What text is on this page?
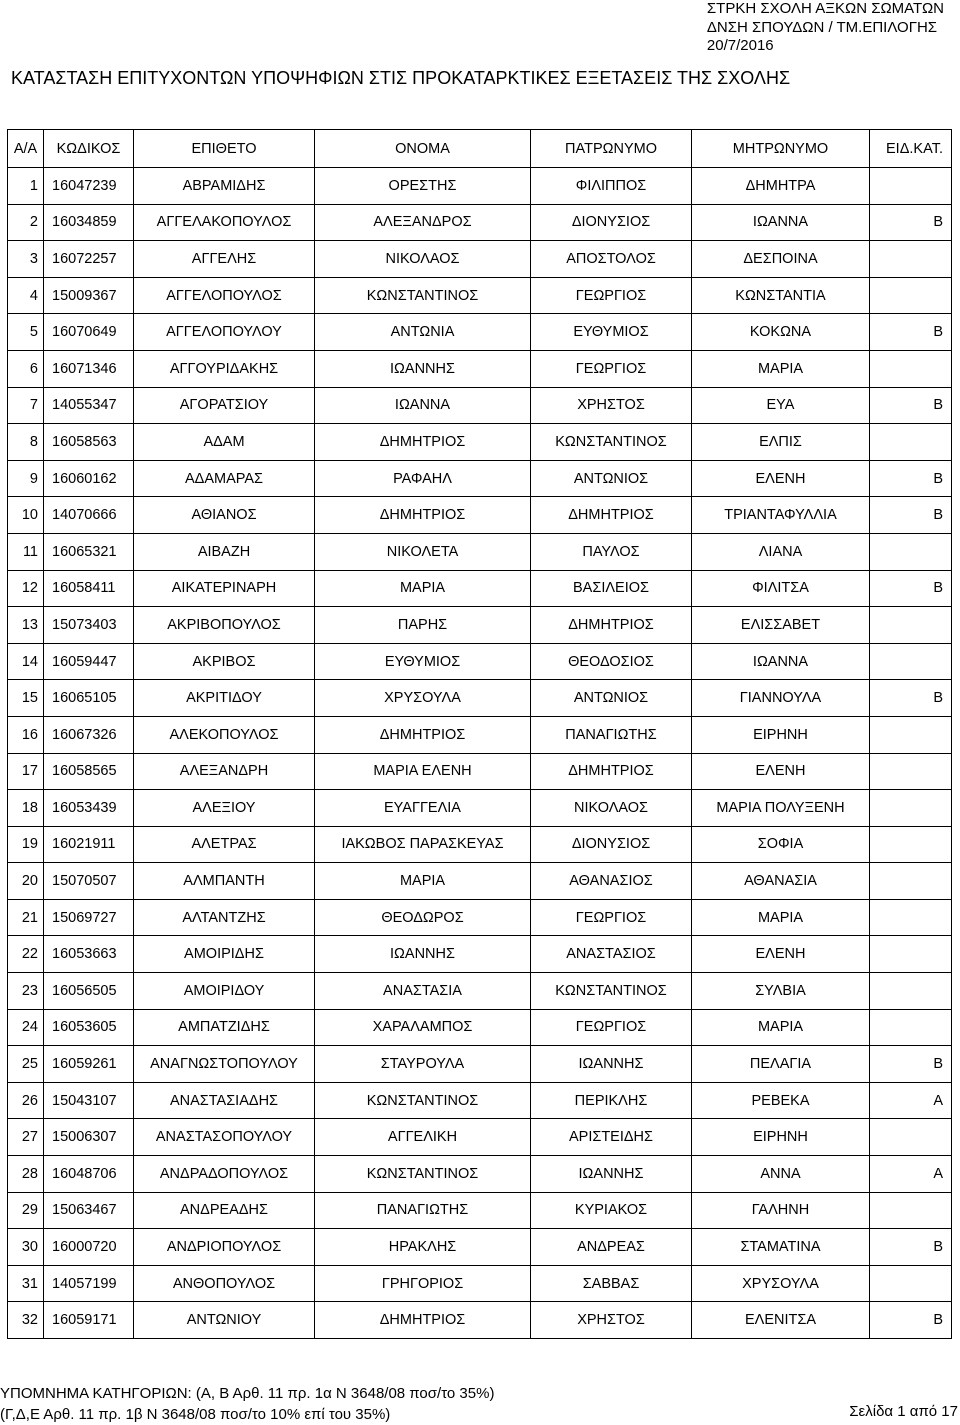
ΣΤΡΚΗ ΣΧΟΛΗ ΑΞΚΩΝ ΣΩΜΑΤΩΝ
ΔΝΣΗ ΣΠΟΥΔΩΝ / ΤΜ.ΕΠΙΛΟΓΗΣ
20/7/2016
ΚΑΤΑΣΤΑΣΗ ΕΠΙΤΥΧΟΝΤΩΝ ΥΠΟΨΗΦΙΩΝ ΣΤΙΣ ΠΡΟΚΑΤΑΡΚΤΙΚΕΣ ΕΞΕΤΑΣΕΙΣ ΤΗΣ ΣΧΟΛΗΣ
Α/Α	ΚΩΔΙΚΟΣ	ΕΠΙΘΕΤΟ	ΟΝΟΜΑ	ΠΑΤΡΩΝΥΜΟ	ΜΗΤΡΩΝΥΜΟ	ΕΙΔ.ΚΑΤ.
1	16047239	ΑΒΡΑΜΙΔΗΣ	ΟΡΕΣΤΗΣ	ΦΙΛΙΠΠΟΣ	ΔΗΜΗΤΡΑ	
2	16034859	ΑΓΓΕΛΑΚΟΠΟΥΛΟΣ	ΑΛΕΞΑΝΔΡΟΣ	ΔΙΟΝΥΣΙΟΣ	ΙΩΑΝΝΑ	Β
3	16072257	ΑΓΓΕΛΗΣ	ΝΙΚΟΛΑΟΣ	ΑΠΟΣΤΟΛΟΣ	ΔΕΣΠΟΙΝΑ	
4	15009367	ΑΓΓΕΛΟΠΟΥΛΟΣ	ΚΩΝΣΤΑΝΤΙΝΟΣ	ΓΕΩΡΓΙΟΣ	ΚΩΝΣΤΑΝΤΙΑ	
5	16070649	ΑΓΓΕΛΟΠΟΥΛΟΥ	ΑΝΤΩΝΙΑ	ΕΥΘΥΜΙΟΣ	ΚΟΚΩΝΑ	Β
6	16071346	ΑΓΓΟΥΡΙΔΑΚΗΣ	ΙΩΑΝΝΗΣ	ΓΕΩΡΓΙΟΣ	ΜΑΡΙΑ	
7	14055347	ΑΓΟΡΑΤΣΙΟΥ	ΙΩΑΝΝΑ	ΧΡΗΣΤΟΣ	ΕΥΑ	Β
8	16058563	ΑΔΑΜ	ΔΗΜΗΤΡΙΟΣ	ΚΩΝΣΤΑΝΤΙΝΟΣ	ΕΛΠΙΣ	
9	16060162	ΑΔΑΜΑΡΑΣ	ΡΑΦΑΗΛ	ΑΝΤΩΝΙΟΣ	ΕΛΕΝΗ	Β
10	14070666	ΑΘΙΑΝΟΣ	ΔΗΜΗΤΡΙΟΣ	ΔΗΜΗΤΡΙΟΣ	ΤΡΙΑΝΤΑΦΥΛΛΙΑ	Β
11	16065321	ΑΙΒΑΖΗ	ΝΙΚΟΛΕΤΑ	ΠΑΥΛΟΣ	ΛΙΑΝΑ	
12	16058411	ΑΙΚΑΤΕΡΙΝΑΡΗ	ΜΑΡΙΑ	ΒΑΣΙΛΕΙΟΣ	ΦΙΛΙΤΣΑ	Β
13	15073403	ΑΚΡΙΒΟΠΟΥΛΟΣ	ΠΑΡΗΣ	ΔΗΜΗΤΡΙΟΣ	ΕΛΙΣΣΑΒΕΤ	
14	16059447	ΑΚΡΙΒΟΣ	ΕΥΘΥΜΙΟΣ	ΘΕΟΔΟΣΙΟΣ	ΙΩΑΝΝΑ	
15	16065105	ΑΚΡΙΤΙΔΟΥ	ΧΡΥΣΟΥΛΑ	ΑΝΤΩΝΙΟΣ	ΓΙΑΝΝΟΥΛΑ	Β
16	16067326	ΑΛΕΚΟΠΟΥΛΟΣ	ΔΗΜΗΤΡΙΟΣ	ΠΑΝΑΓΙΩΤΗΣ	ΕΙΡΗΝΗ	
17	16058565	ΑΛΕΞΑΝΔΡΗ	ΜΑΡΙΑ ΕΛΕΝΗ	ΔΗΜΗΤΡΙΟΣ	ΕΛΕΝΗ	
18	16053439	ΑΛΕΞΙΟΥ	ΕΥΑΓΓΕΛΙΑ	ΝΙΚΟΛΑΟΣ	ΜΑΡΙΑ ΠΟΛΥΞΕΝΗ	
19	16021911	ΑΛΕΤΡΑΣ	ΙΑΚΩΒΟΣ ΠΑΡΑΣΚΕΥΑΣ	ΔΙΟΝΥΣΙΟΣ	ΣΟΦΙΑ	
20	15070507	ΑΛΜΠΑΝΤΗ	ΜΑΡΙΑ	ΑΘΑΝΑΣΙΟΣ	ΑΘΑΝΑΣΙΑ	
21	15069727	ΑΛΤΑΝΤΖΗΣ	ΘΕΟΔΩΡΟΣ	ΓΕΩΡΓΙΟΣ	ΜΑΡΙΑ	
22	16053663	ΑΜΟΙΡΙΔΗΣ	ΙΩΑΝΝΗΣ	ΑΝΑΣΤΑΣΙΟΣ	ΕΛΕΝΗ	
23	16056505	ΑΜΟΙΡΙΔΟΥ	ΑΝΑΣΤΑΣΙΑ	ΚΩΝΣΤΑΝΤΙΝΟΣ	ΣΥΛΒΙΑ	
24	16053605	ΑΜΠΑΤΖΙΔΗΣ	ΧΑΡΑΛΑΜΠΟΣ	ΓΕΩΡΓΙΟΣ	ΜΑΡΙΑ	
25	16059261	ΑΝΑΓΝΩΣΤΟΠΟΥΛΟΥ	ΣΤΑΥΡΟΥΛΑ	ΙΩΑΝΝΗΣ	ΠΕΛΑΓΙΑ	Β
26	15043107	ΑΝΑΣΤΑΣΙΑΔΗΣ	ΚΩΝΣΤΑΝΤΙΝΟΣ	ΠΕΡΙΚΛΗΣ	ΡΕΒΕΚΑ	Α
27	15006307	ΑΝΑΣΤΑΣΟΠΟΥΛΟΥ	ΑΓΓΕΛΙΚΗ	ΑΡΙΣΤΕΙΔΗΣ	ΕΙΡΗΝΗ	
28	16048706	ΑΝΔΡΑΔΟΠΟΥΛΟΣ	ΚΩΝΣΤΑΝΤΙΝΟΣ	ΙΩΑΝΝΗΣ	ΑΝΝΑ	Α
29	15063467	ΑΝΔΡΕΑΔΗΣ	ΠΑΝΑΓΙΩΤΗΣ	ΚΥΡΙΑΚΟΣ	ΓΑΛΗΝΗ	
30	16000720	ΑΝΔΡΙΟΠΟΥΛΟΣ	ΗΡΑΚΛΗΣ	ΑΝΔΡΕΑΣ	ΣΤΑΜΑΤΙΝΑ	Β
31	14057199	ΑΝΘΟΠΟΥΛΟΣ	ΓΡΗΓΟΡΙΟΣ	ΣΑΒΒΑΣ	ΧΡΥΣΟΥΛΑ	
32	16059171	ΑΝΤΩΝΙΟΥ	ΔΗΜΗΤΡΙΟΣ	ΧΡΗΣΤΟΣ	ΕΛΕΝΙΤΣΑ	Β
ΥΠΟΜΝΗΜΑ ΚΑΤΗΓΟΡΙΩΝ: (Α, Β Αρθ. 11 πρ. 1α Ν 3648/08 ποσ/το 35%)
(Γ,Δ,Ε Αρθ. 11 πρ. 1β Ν 3648/08 ποσ/το 10% επί του 35%)	Σελίδα 1 από 17
